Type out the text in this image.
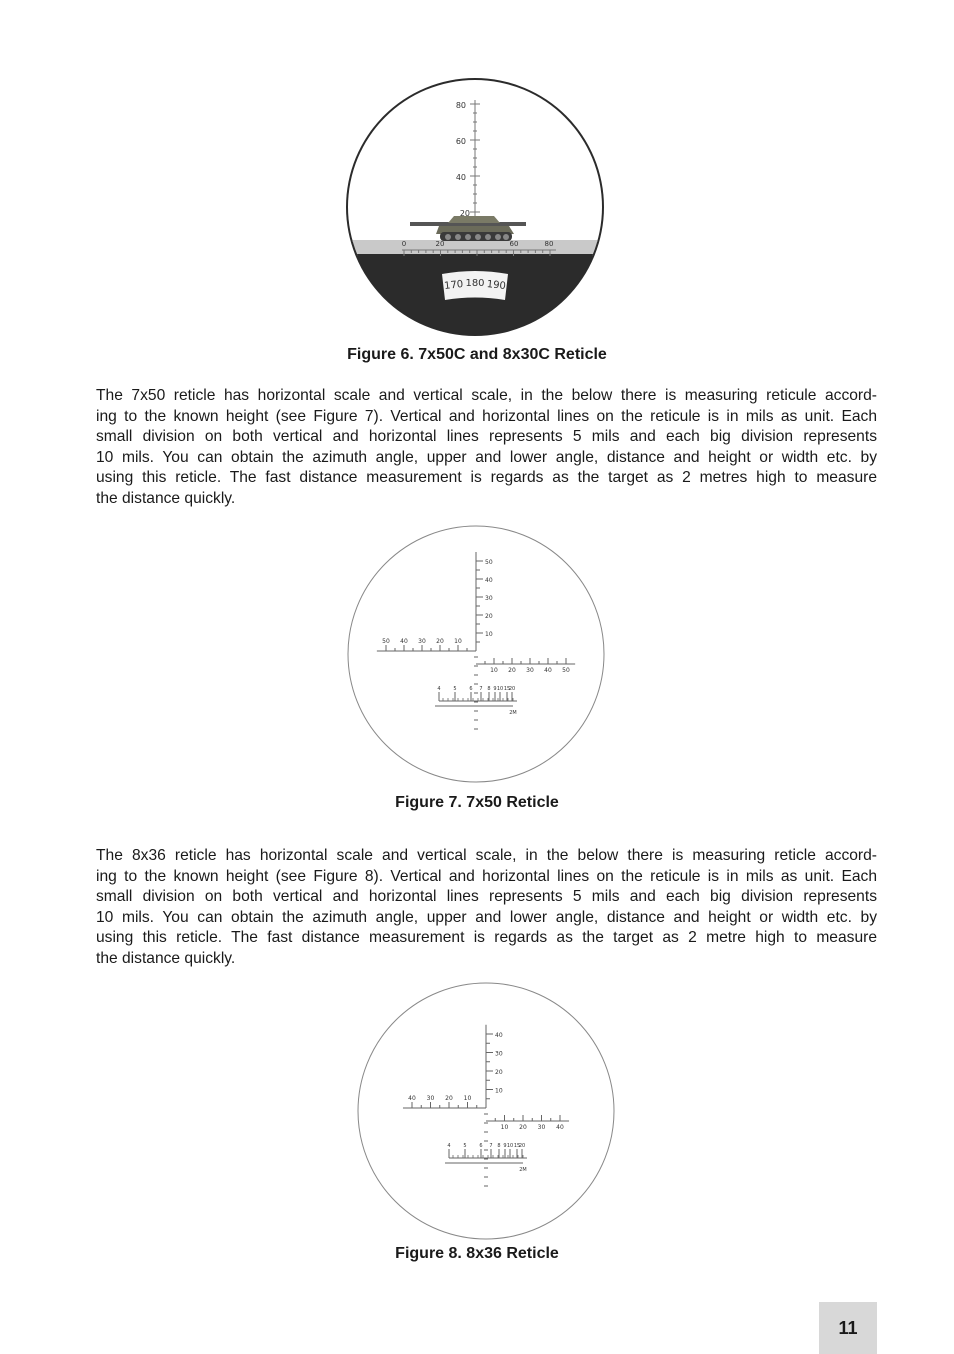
80
60
40
20
0	20	60	80
170 180 190
Figure 6. 7x50C and 8x30C Reticle
The 7x50 reticle has horizontal scale and vertical scale, in the below there is measuring reticule accord-
ing to the known height (see Figure 7). Vertical and horizontal lines on the reticule is in mils as unit. Each
small division on both vertical and horizontal lines represents 5 mils and each big division represents
10 mils. You can obtain the azimuth angle, upper and lower angle, distance and height or width etc. by
using this reticle. The fast distance measurement is regards as the target as 2 metres high to measure
the distance quickly.
50
40
30
20
10
50 40 30 20 10
10 20 30 40 50
4	5	6 7 8 9 10 15
20
2M
Figure 7. 7x50 Reticle
The 8x36 reticle has horizontal scale and vertical scale, in the below there is measuring reticle accord-
ing to the known height (see Figure 8). Vertical and horizontal lines on the reticule is in mils as unit. Each
small division on both vertical and horizontal lines represents 5 mils and each big division represents
10 mils. You can obtain the azimuth angle, upper and lower angle, distance and height or width etc. by
using this reticle. The fast distance measurement is regards as the target as 2 metre high to measure
the distance quickly.
40
30
20
10
40 30 20 10
10 20 30 40
4	5	6 7 8 9 10 15
20
2M
Figure 8. 8x36 Reticle
11
